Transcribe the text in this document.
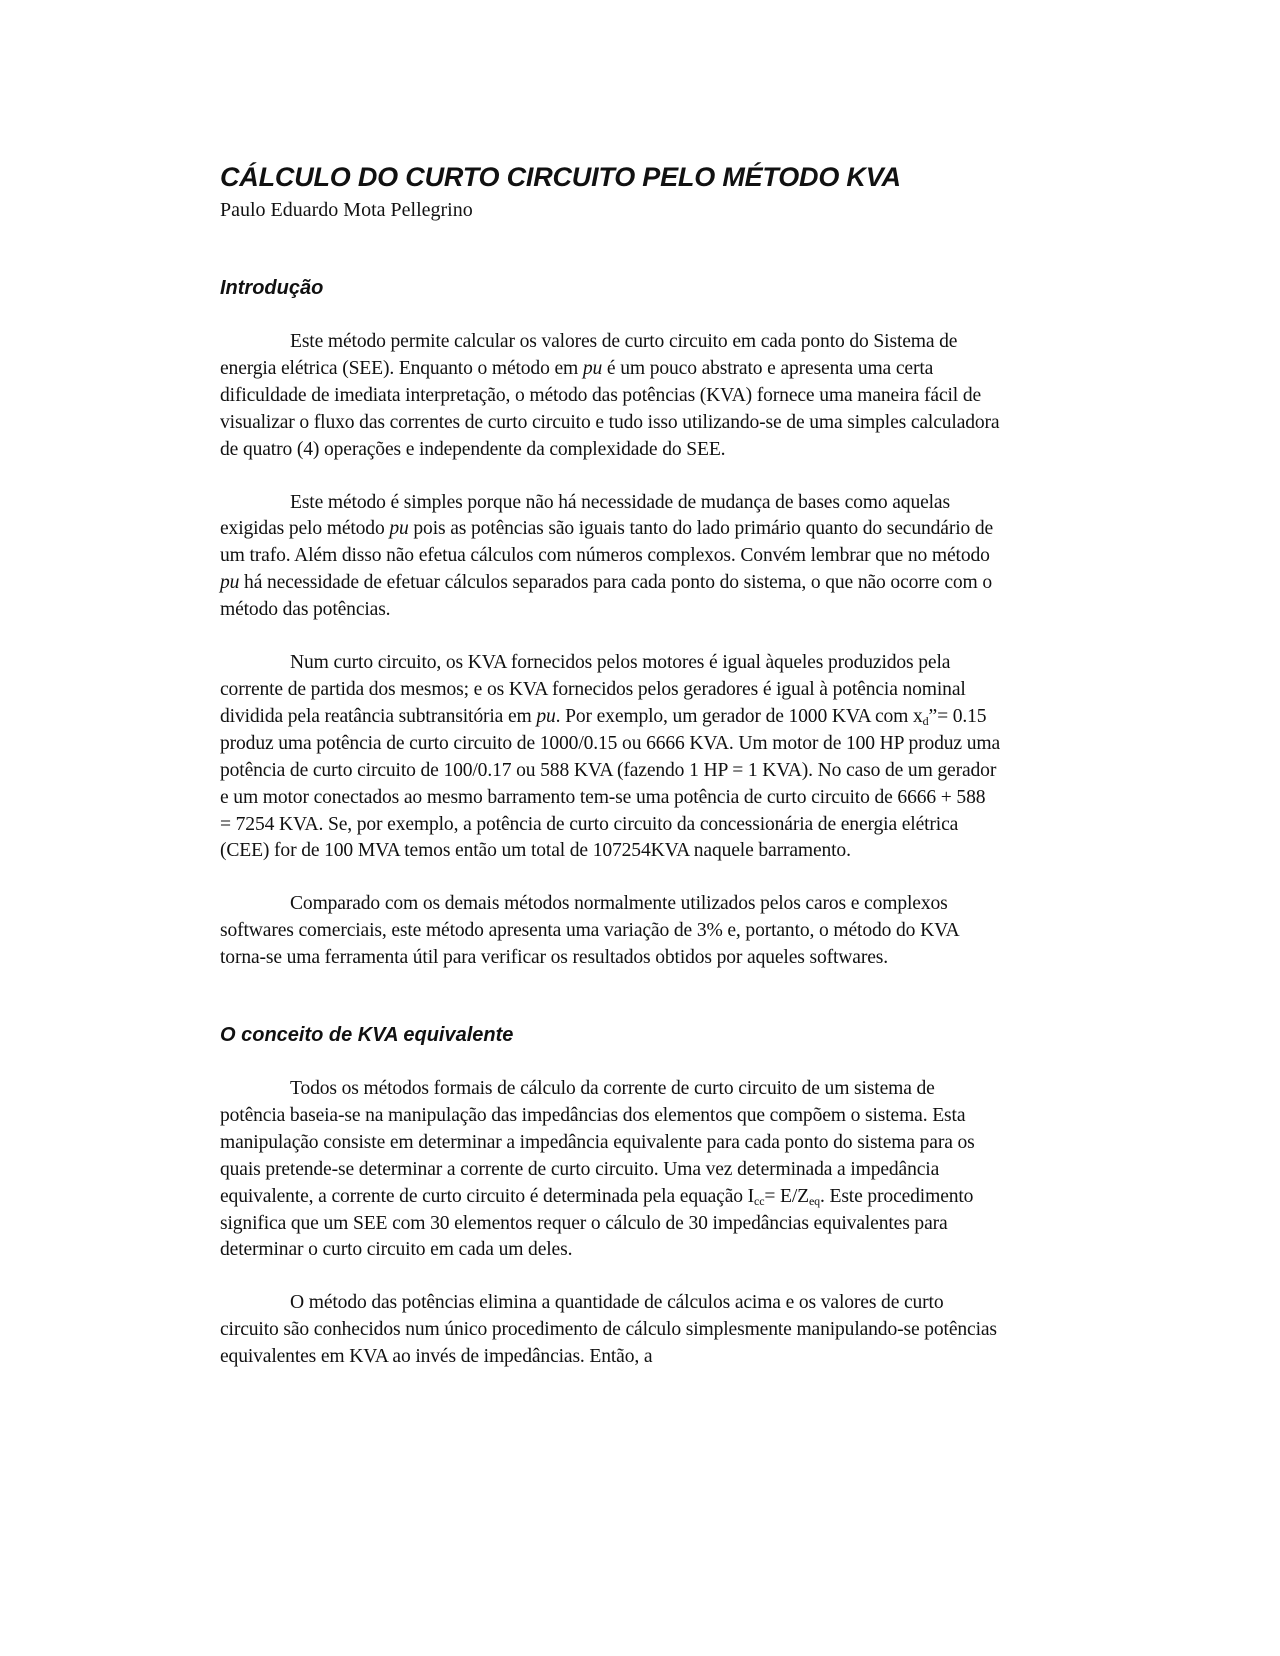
CÁLCULO DO CURTO CIRCUITO PELO MÉTODO KVA

Paulo Eduardo Mota Pellegrino

Introdução

Este método permite calcular os valores de curto circuito em cada ponto do Sistema de energia elétrica (SEE). Enquanto o método em pu é um pouco abstrato e apresenta uma certa dificuldade de imediata interpretação, o método das potências (KVA) fornece uma maneira fácil de visualizar o fluxo das correntes de curto circuito e tudo isso utilizando-se de uma simples calculadora de quatro (4) operações e independente da complexidade do SEE.

Este método é simples porque não há necessidade de mudança de bases como aquelas exigidas pelo método pu pois as potências são iguais tanto do lado primário quanto do secundário de um trafo. Além disso não efetua cálculos com números complexos. Convém lembrar que no método pu há necessidade de efetuar cálculos separados para cada ponto do sistema, o que não ocorre com o método das potências.

Num curto circuito, os KVA fornecidos pelos motores é igual àqueles produzidos pela corrente de partida dos mesmos; e os KVA fornecidos pelos geradores é igual à potência nominal dividida pela reatância subtransitória em pu. Por exemplo, um gerador de 1000 KVA com $x_d”= 0.15$ produz uma potência de curto circuito de 1000/0.15 ou 6666 KVA. Um motor de 100 HP produz uma potência de curto circuito de 100/0.17 ou 588 KVA (fazendo 1 HP = 1 KVA). No caso de um gerador e um motor conectados ao mesmo barramento tem-se uma potência de curto circuito de 6666 + 588 = 7254 KVA. Se, por exemplo, a potência de curto circuito da concessionária de energia elétrica (CEE) for de 100 MVA temos então um total de 107254KVA naquele barramento.

Comparado com os demais métodos normalmente utilizados pelos caros e complexos softwares comerciais, este método apresenta uma variação de 3% e, portanto, o método do KVA torna-se uma ferramenta útil para verificar os resultados obtidos por aqueles softwares.

O conceito de KVA equivalente

Todos os métodos formais de cálculo da corrente de curto circuito de um sistema de potência baseia-se na manipulação das impedâncias dos elementos que compõem o sistema. Esta manipulação consiste em determinar a impedância equivalente para cada ponto do sistema para os quais pretende-se determinar a corrente de curto circuito. Uma vez determinada a impedância equivalente, a corrente de curto circuito é determinada pela equação $I_{cc}= E/Z_{eq}$. Este procedimento significa que um SEE com 30 elementos requer o cálculo de 30 impedâncias equivalentes para determinar o curto circuito em cada um deles.

O método das potências elimina a quantidade de cálculos acima e os valores de curto circuito são conhecidos num único procedimento de cálculo simplesmente manipulando-se potências equivalentes em KVA ao invés de impedâncias. Então, a
